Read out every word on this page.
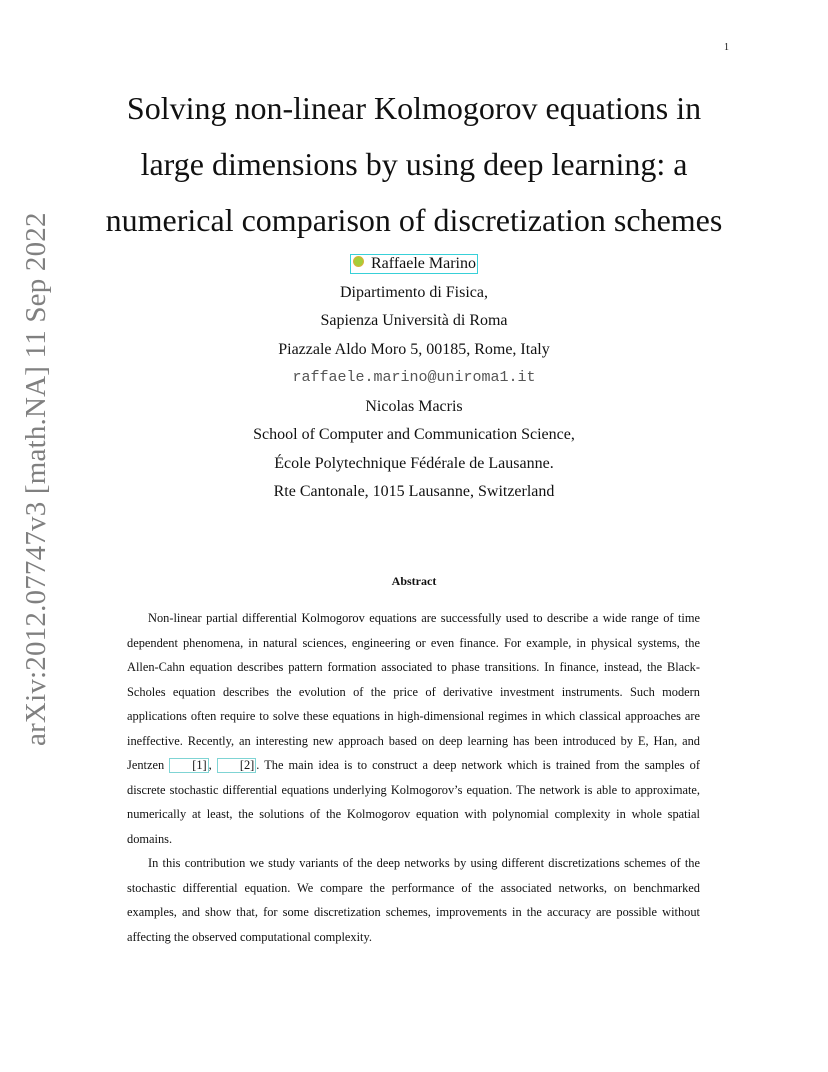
1
arXiv:2012.07747v3 [math.NA] 11 Sep 2022
Solving non-linear Kolmogorov equations in
large dimensions by using deep learning: a
numerical comparison of discretization schemes
Raffaele Marino
Dipartimento di Fisica,
Sapienza Università di Roma
Piazzale Aldo Moro 5, 00185, Rome, Italy
raffaele.marino@uniroma1.it
Nicolas Macris
School of Computer and Communication Science,
École Polytechnique Fédérale de Lausanne.
Rte Cantonale, 1015 Lausanne, Switzerland
Abstract

Non-linear partial differential Kolmogorov equations are successfully used to describe a wide range of time dependent phenomena, in natural sciences, engineering or even finance. For example, in physical systems, the Allen-Cahn equation describes pattern formation associated to phase transitions. In finance, instead, the Black-Scholes equation describes the evolution of the price of derivative investment instruments. Such modern applications often require to solve these equations in high-dimensional regimes in which classical approaches are ineffective. Recently, an interesting new approach based on deep learning has been introduced by E, Han, and Jentzen [1] , [2] . The main idea is to construct a deep network which is trained from the samples of discrete stochastic differential equations underlying Kolmogorov’s equation. The network is able to approximate, numerically at least, the solutions of the Kolmogorov equation with polynomial complexity in whole spatial domains.

In this contribution we study variants of the deep networks by using different discretizations schemes of the stochastic differential equation. We compare the performance of the associated networks, on benchmarked examples, and show that, for some discretization schemes, improvements in the accuracy are possible without affecting the observed computational complexity.
